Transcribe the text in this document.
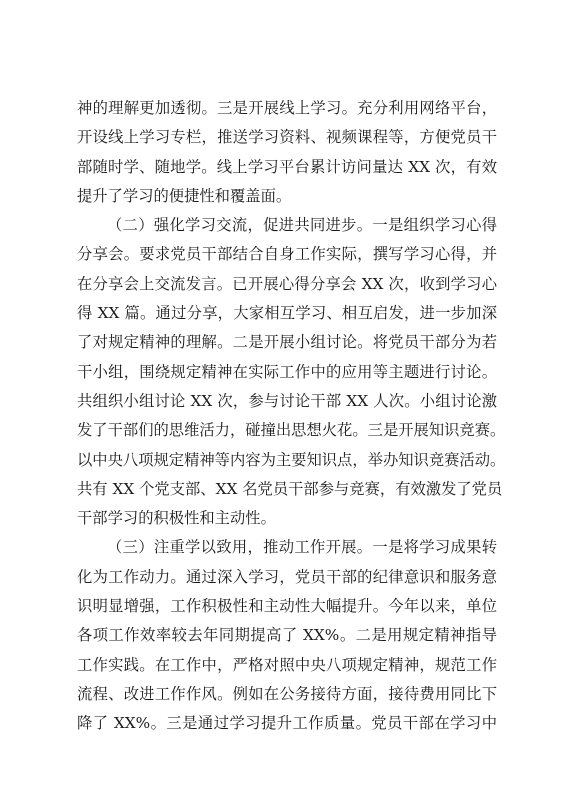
神的理解更加透彻。三是开展线上学习。充分利用网络平台，
开设线上学习专栏，推送学习资料、视频课程等，方便党员干
部随时学、随地学。线上学习平台累计访问量达 XX 次，有效
提升了学习的便捷性和覆盖面。
（二）强化学习交流，促进共同进步。一是组织学习心得
分享会。要求党员干部结合自身工作实际，撰写学习心得，并
在分享会上交流发言。已开展心得分享会 XX 次，收到学习心
得 XX 篇。通过分享，大家相互学习、相互启发，进一步加深
了对规定精神的理解。二是开展小组讨论。将党员干部分为若
干小组，围绕规定精神在实际工作中的应用等主题进行讨论。
共组织小组讨论 XX 次，参与讨论干部 XX 人次。小组讨论激
发了干部们的思维活力，碰撞出思想火花。三是开展知识竞赛。
以中央八项规定精神等内容为主要知识点，举办知识竞赛活动。
共有 XX 个党支部、XX 名党员干部参与竞赛，有效激发了党员
干部学习的积极性和主动性。
（三）注重学以致用，推动工作开展。一是将学习成果转
化为工作动力。通过深入学习，党员干部的纪律意识和服务意
识明显增强，工作积极性和主动性大幅提升。今年以来，单位
各项工作效率较去年同期提高了 XX%。二是用规定精神指导
工作实践。在工作中，严格对照中央八项规定精神，规范工作
流程、改进工作作风。例如在公务接待方面，接待费用同比下
降了 XX%。三是通过学习提升工作质量。党员干部在学习中
